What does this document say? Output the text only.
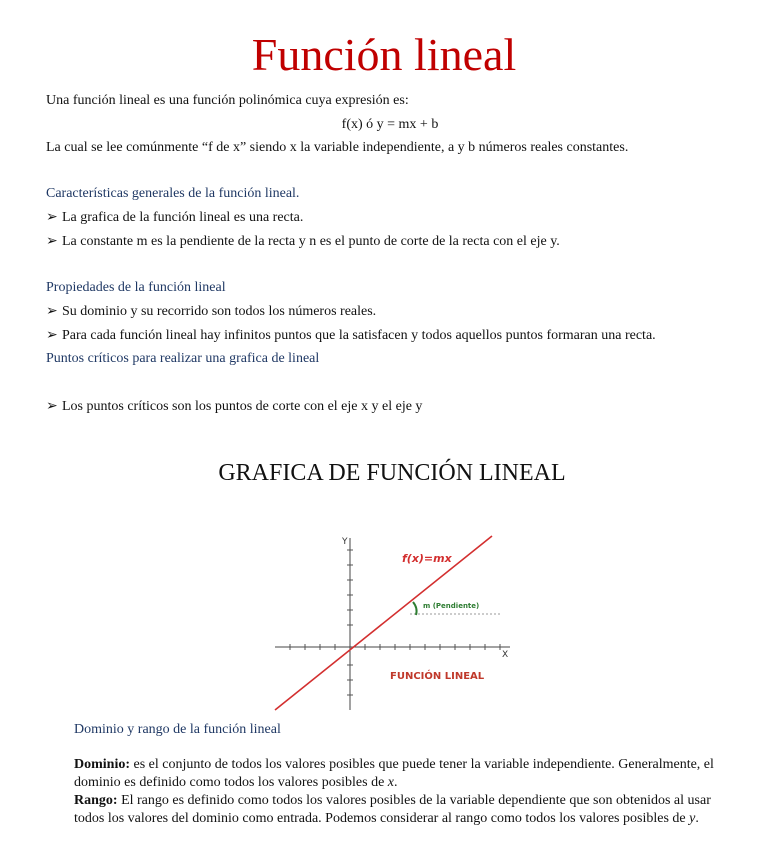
Función lineal
Una función lineal es una función polinómica cuya expresión es:
f(x) ó y = mx + b
La cual se lee comúnmente “f de x” siendo x la variable independiente, a y b números reales constantes.
Características generales de la función lineal.
➢ La grafica de la función lineal es una recta.
➢ La constante m es la pendiente de la recta y n es el punto de corte de la recta con el eje y.
Propiedades de la función lineal
➢ Su dominio y su recorrido son todos los números reales.
➢ Para cada función lineal hay infinitos puntos que la satisfacen y todos aquellos puntos formaran una recta.
Puntos críticos para realizar una grafica de lineal
➢ Los puntos críticos son los puntos de corte con el eje x y el eje y
GRAFICA DE FUNCIÓN LINEAL
Y
X
f(x)=mx
m (Pendiente)
FUNCIÓN LINEAL
Dominio y rango de la función lineal
Dominio: es el conjunto de todos los valores posibles que puede tener la variable independiente. Generalmente, el dominio es definido como todos los valores posibles de x.
Rango: El rango es definido como todos los valores posibles de la variable dependiente que son obtenidos al usar todos los valores del dominio como entrada. Podemos considerar al rango como todos los valores posibles de y.
